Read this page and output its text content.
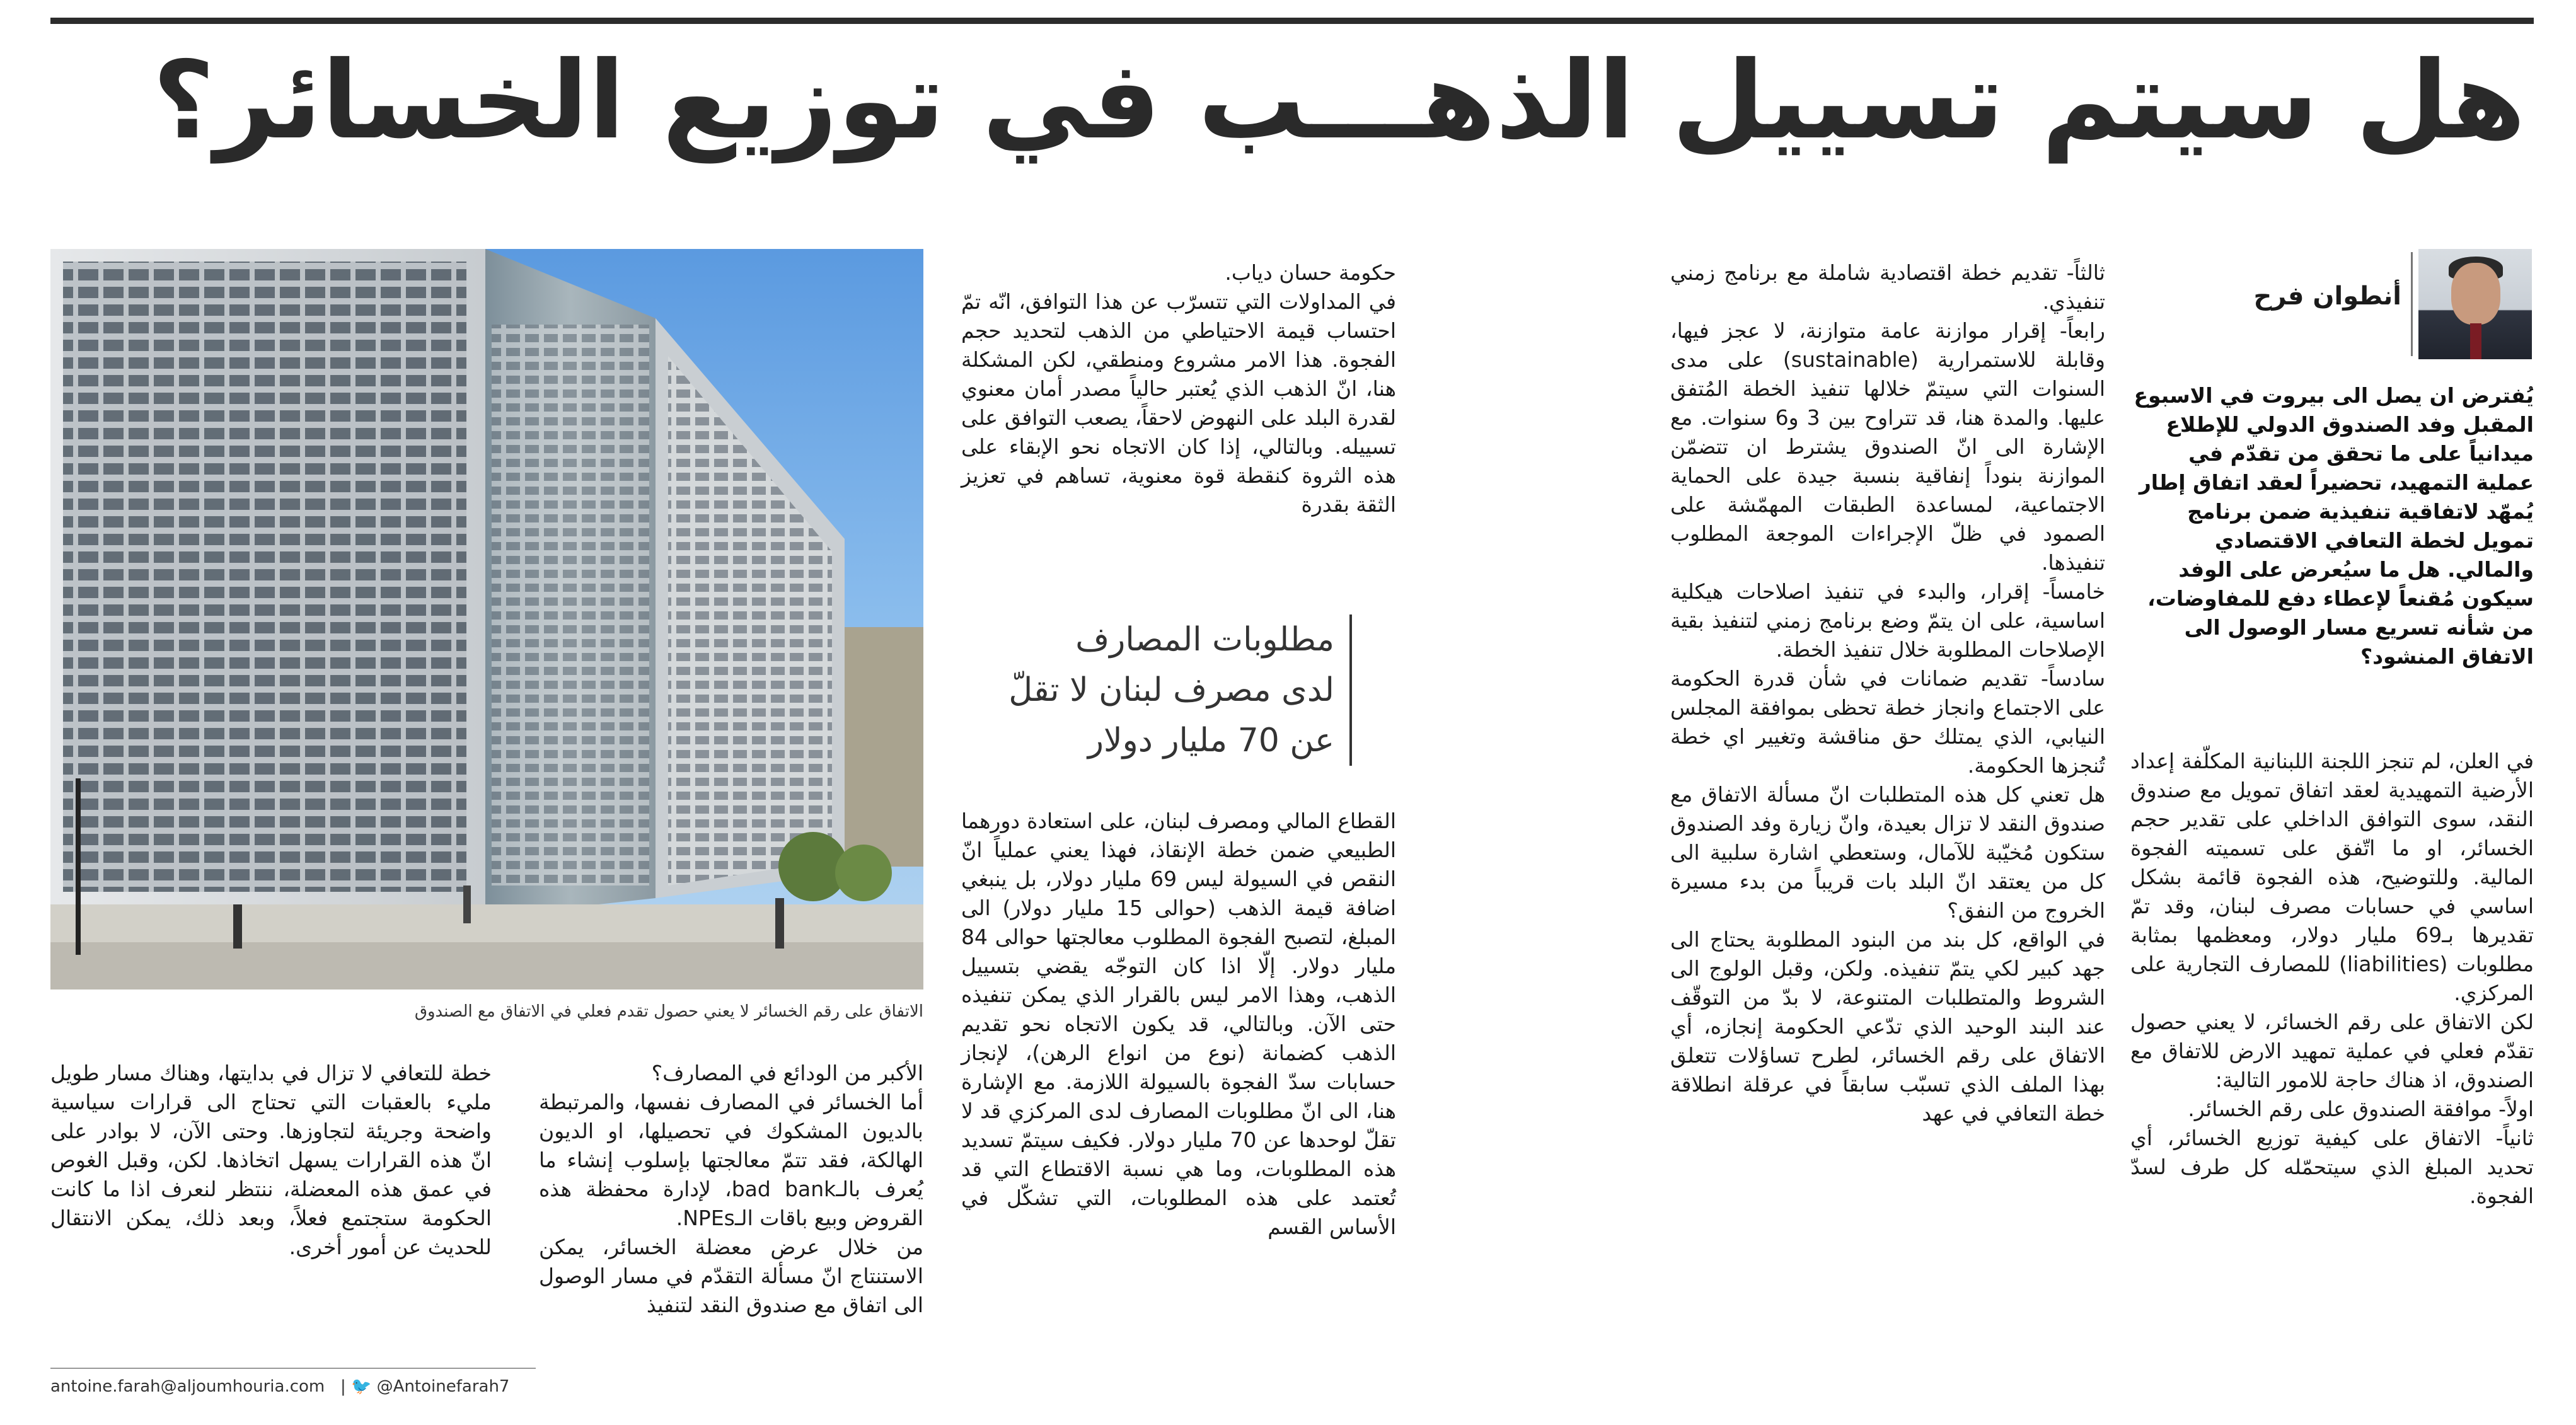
هل سيتم تسييل الذهـــب في توزيع الخسائر؟
أنطوان فرح

يُفترض ان يصل الى بيروت في الاسبوع المقبل وفد الصندوق الدولي للإطلاع ميدانياً على ما تحقق من تقدّم في عملية التمهيد، تحضيراً لعقد اتفاق إطار يُمهّد لاتفاقية تنفيذية ضمن برنامج تمويل لخطة التعافي الاقتصادي والمالي. هل ما سيُعرض على الوفد سيكون مُقنعاً لإعطاء دفع للمفاوضات، من شأنه تسريع مسار الوصول الى الاتفاق المنشود؟

في العلن، لم تنجز اللجنة اللبنانية المكلّفة إعداد الأرضية التمهيدية لعقد اتفاق تمويل مع صندوق النقد، سوى التوافق الداخلي على تقدير حجم الخسائر، او ما اتّفق على تسميته الفجوة المالية. وللتوضيح، هذه الفجوة قائمة بشكل اساسي في حسابات مصرف لبنان، وقد تمّ تقديرها بـ69 مليار دولار، ومعظمها بمثابة مطلوبات (liabilities) للمصارف التجارية على المركزي.

لكن الاتفاق على رقم الخسائر، لا يعني حصول تقدّم فعلي في عملية تمهيد الارض للاتفاق مع الصندوق، اذ هناك حاجة للامور التالية:

اولاً- موافقة الصندوق على رقم الخسائر.

ثانياً- الاتفاق على كيفية توزيع الخسائر، أي تحديد المبلغ الذي سيتحمّله كل طرف لسدّ الفجوة.

ثالثاً- تقديم خطة اقتصادية شاملة مع برنامج زمني تنفيذي.

رابعاً- إقرار موازنة عامة متوازنة، لا عجز فيها، وقابلة للاستمرارية (sustainable) على مدى السنوات التي سيتمّ خلالها تنفيذ الخطة المُتفق عليها. والمدة هنا، قد تتراوح بين 3 و6 سنوات. مع الإشارة الى انّ الصندوق يشترط ان تتضمّن الموازنة بنوداً إنفاقية بنسبة جيدة على الحماية الاجتماعية، لمساعدة الطبقات المهمّشة على الصمود في ظلّ الإجراءات الموجعة المطلوب تنفيذها.

خامساً- إقرار، والبدء في تنفيذ اصلاحات هيكلية اساسية، على ان يتمّ وضع برنامج زمني لتنفيذ بقية الإصلاحات المطلوبة خلال تنفيذ الخطة.

سادساً- تقديم ضمانات في شأن قدرة الحكومة على الاجتماع وانجاز خطة تحظى بموافقة المجلس النيابي، الذي يمتلك حق مناقشة وتغيير اي خطة تُنجزها الحكومة.

هل تعني كل هذه المتطلبات انّ مسألة الاتفاق مع صندوق النقد لا تزال بعيدة، وانّ زيارة وفد الصندوق ستكون مُخيّبة للآمال، وستعطي اشارة سلبية الى كل من يعتقد انّ البلد بات قريباً من بدء مسيرة الخروج من النفق؟

في الواقع، كل بند من البنود المطلوبة يحتاج الى جهد كبير لكي يتمّ تنفيذه. ولكن، وقبل الولوج الى الشروط والمتطلبات المتنوعة، لا بدّ من التوقّف عند البند الوحيد الذي تدّعي الحكومة إنجازه، أي الاتفاق على رقم الخسائر، لطرح تساؤلات تتعلق بهذا الملف الذي تسبّب سابقاً في عرقلة انطلاقة خطة التعافي في عهد

حكومة حسان دياب.

في المداولات التي تتسرّب عن هذا التوافق، انّه تمّ احتساب قيمة الاحتياطي من الذهب لتحديد حجم الفجوة. هذا الامر مشروع ومنطقي، لكن المشكلة هنا، انّ الذهب الذي يُعتبر حالياً مصدر أمان معنوي لقدرة البلد على النهوض لاحقاً، يصعب التوافق على تسييله. وبالتالي، إذا كان الاتجاه نحو الإبقاء على هذه الثروة كنقطة قوة معنوية، تساهم في تعزيز الثقة بقدرة

مطلوبات المصارف
لدى مصرف لبنان لا تقلّ
عن 70 مليار دولار

القطاع المالي ومصرف لبنان، على استعادة دورهما الطبيعي ضمن خطة الإنقاذ، فهذا يعني عملياً انّ النقص في السيولة ليس 69 مليار دولار، بل ينبغي اضافة قيمة الذهب (حوالى 15 مليار دولار) الى المبلغ، لتصبح الفجوة المطلوب معالجتها حوالى 84 مليار دولار. إلّا اذا كان التوجّه يقضي بتسييل الذهب، وهذا الامر ليس بالقرار الذي يمكن تنفيذه حتى الآن. وبالتالي، قد يكون الاتجاه نحو تقديم الذهب كضمانة (نوع من انواع الرهن)، لإنجاز حسابات سدّ الفجوة بالسيولة اللازمة. مع الإشارة هنا، الى انّ مطلوبات المصارف لدى المركزي قد لا تقلّ لوحدها عن 70 مليار دولار. فكيف سيتمّ تسديد هذه المطلوبات، وما هي نسبة الاقتطاع التي قد تُعتمد على هذه المطلوبات، التي تشكّل في الأساس القسم

الاتفاق على رقم الخسائر لا يعني حصول تقدم فعلي في الاتفاق مع الصندوق

الأكبر من الودائع في المصارف؟

أما الخسائر في المصارف نفسها، والمرتبطة بالديون المشكوك في تحصيلها، او الديون الهالكة، فقد تتمّ معالجتها بإسلوب إنشاء ما يُعرف بالـbad bank، لإدارة محفظة هذه القروض وبيع باقات الـNPEs.

من خلال عرض معضلة الخسائر، يمكن الاستنتاج انّ مسألة التقدّم في مسار الوصول الى اتفاق مع صندوق النقد لتنفيذ

خطة للتعافي لا تزال في بدايتها، وهناك مسار طويل مليء بالعقبات التي تحتاج الى قرارات سياسية واضحة وجريئة لتجاوزها. وحتى الآن، لا بوادر على انّ هذه القرارات يسهل اتخاذها. لكن، وقبل الغوص في عمق هذه المعضلة، ننتظر لنعرف اذا ما كانت الحكومة ستجتمع فعلاً، وبعد ذلك، يمكن الانتقال للحديث عن أمور أخرى.

antoine.farah@aljoumhouria.com | 🐦 @Antoinefarah7
